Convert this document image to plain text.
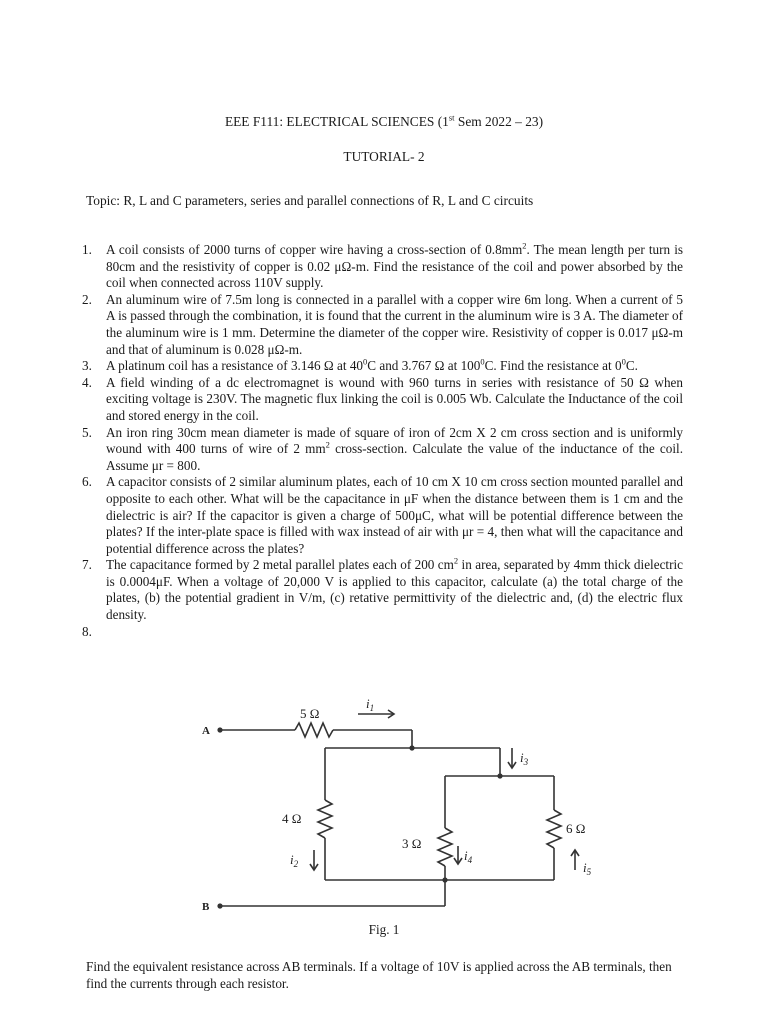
EEE F111: ELECTRICAL SCIENCES (1st Sem 2022 – 23)
TUTORIAL- 2
Topic: R, L and C parameters, series and parallel connections of R, L and C circuits
1. A coil consists of 2000 turns of copper wire having a cross-section of $0.8mm^2$. The mean length per turn is 80cm and the resistivity of copper is 0.02 μΩ-m. Find the resistance of the coil and power absorbed by the coil when connected across 110V supply.
2. An aluminum wire of 7.5m long is connected in a parallel with a copper wire 6m long. When a current of 5 A is passed through the combination, it is found that the current in the aluminum wire is 3 A. The diameter of the aluminum wire is 1 mm. Determine the diameter of the copper wire. Resistivity of copper is 0.017 μΩ-m and that of aluminum is 0.028 μΩ-m.
3. A platinum coil has a resistance of 3.146 Ω at $40^0C$ and 3.767 Ω at $100^0C$. Find the resistance at $0^0C$.
4. A field winding of a dc electromagnet is wound with 960 turns in series with resistance of 50 Ω when exciting voltage is 230V. The magnetic flux linking the coil is 0.005 Wb. Calculate the Inductance of the coil and stored energy in the coil.
5. An iron ring 30cm mean diameter is made of square of iron of 2cm X 2 cm cross section and is uniformly wound with 400 turns of wire of 2 $mm^2$ cross-section. Calculate the value of the inductance of the coil. Assume μr = 800.
6. A capacitor consists of 2 similar aluminum plates, each of 10 cm X 10 cm cross section mounted parallel and opposite to each other. What will be the capacitance in μF when the distance between them is 1 cm and the dielectric is air? If the capacitor is given a charge of 500μC, what will be potential difference between the plates? If the inter-plate space is filled with wax instead of air with μr = 4, then what will the capacitance and potential difference across the plates?
7. The capacitance formed by 2 metal parallel plates each of 200 $cm^2$ in area, separated by 4mm thick dielectric is 0.0004μF. When a voltage of 20,000 V is applied to this capacitor, calculate (a) the total charge of the plates, (b) the potential gradient in V/m, (c) retative permittivity of the dielectric and, (d) the electric flux density.
8.
A
B
5 Ω
4 Ω
3 Ω
6 Ω
$i_1$
$i_3$
$i_2$
$i_4$	$i_5$
Fig. 1
Find the equivalent resistance across AB terminals. If a voltage of 10V is applied across the AB terminals, then find the currents through each resistor.
